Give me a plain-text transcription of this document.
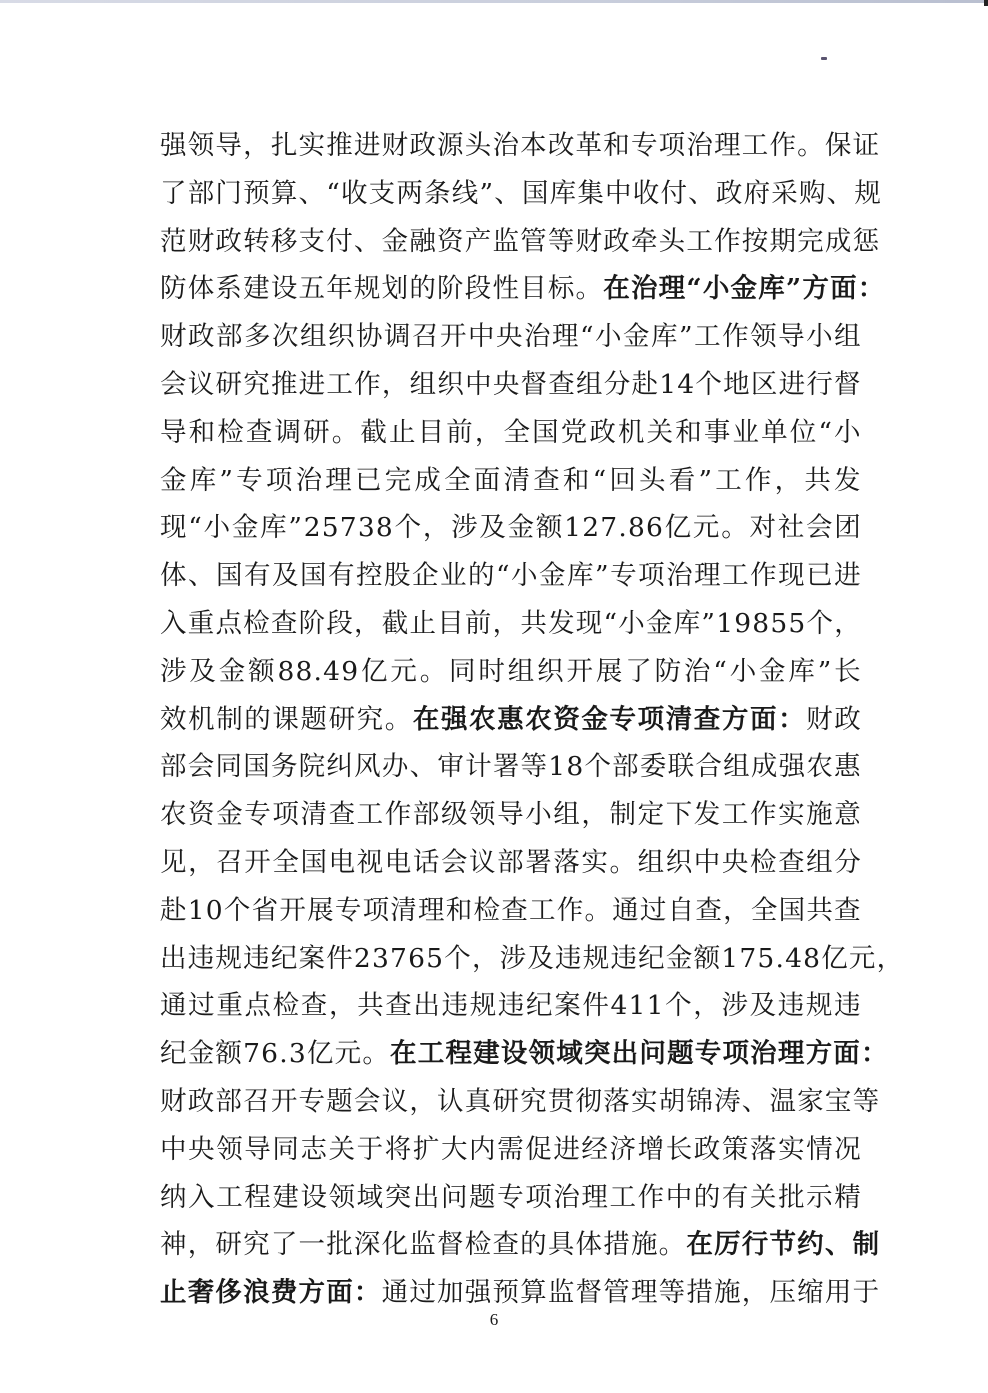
强 领 导 ， 扎 实 推 进 财 政 源 头 治 本 改 革 和 专 项 治 理 工 作 。 保 证
了 部 门 预 算 、 “ 收 支 两 条 线 ” 、 国 库 集 中 收 付 、 政 府 采 购 、 规
范 财 政 转 移 支 付 、 金 融 资 产 监 管 等 财 政 牵 头 工 作 按 期 完 成 惩
防 体 系 建 设 五 年 规 划 的 阶 段 性 目 标 。 在 治 理 “ 小 金 库 ” 方 面 ：
财 政 部 多 次 组 织 协 调 召 开 中 央 治 理 “ 小 金 库 ” 工 作 领 导 小 组
会 议 研 究 推 进 工 作 ， 组 织 中 央 督 查 组 分 赴 14 个 地 区 进 行 督
导 和 检 查 调 研 。 截 止 目 前 ， 全 国 党 政 机 关 和 事 业 单 位 “ 小
金 库 ” 专 项 治 理 已 完 成 全 面 清 查 和 “ 回 头 看 ” 工 作 ， 共 发
现 “ 小 金 库 ” 25738 个 ， 涉 及 金 额 127.86 亿 元 。 对 社 会 团
体 、 国 有 及 国 有 控 股 企 业 的 “ 小 金 库 ” 专 项 治 理 工 作 现 已 进
入 重 点 检 查 阶 段 ， 截 止 目 前 ， 共 发 现 “ 小 金 库 ” 19855 个 ，
涉 及 金 额 88.49 亿 元 。 同 时 组 织 开 展 了 防 治 “ 小 金 库 ” 长
效 机 制 的 课 题 研 究 。 在 强 农 惠 农 资 金 专 项 清 查 方 面 ： 财 政
部 会 同 国 务 院 纠 风 办 、 审 计 署 等 18 个 部 委 联 合 组 成 强 农 惠
农 资 金 专 项 清 查 工 作 部 级 领 导 小 组 ， 制 定 下 发 工 作 实 施 意
见 ， 召 开 全 国 电 视 电 话 会 议 部 署 落 实 。 组 织 中 央 检 查 组 分
赴 10 个 省 开 展 专 项 清 理 和 检 查 工 作 。 通 过 自 查 ， 全 国 共 查
出 违 规 违 纪 案 件 23765 个 ， 涉 及 违 规 违 纪 金 额 175.48 亿 元 ，
通 过 重 点 检 查 ， 共 查 出 违 规 违 纪 案 件 411 个 ， 涉 及 违 规 违
纪 金 额 76.3 亿 元 。 在 工 程 建 设 领 域 突 出 问 题 专 项 治 理 方 面 ：
财 政 部 召 开 专 题 会 议 ， 认 真 研 究 贯 彻 落 实 胡 锦 涛 、 温 家 宝 等
中 央 领 导 同 志 关 于 将 扩 大 内 需 促 进 经 济 增 长 政 策 落 实 情 况
纳 入 工 程 建 设 领 域 突 出 问 题 专 项 治 理 工 作 中 的 有 关 批 示 精
神 ， 研 究 了 一 批 深 化 监 督 检 查 的 具 体 措 施 。 在 厉 行 节 约 、 制
止 奢 侈 浪 费 方 面 ： 通 过 加 强 预 算 监 督 管 理 等 措 施 ， 压 缩 用 于
6
